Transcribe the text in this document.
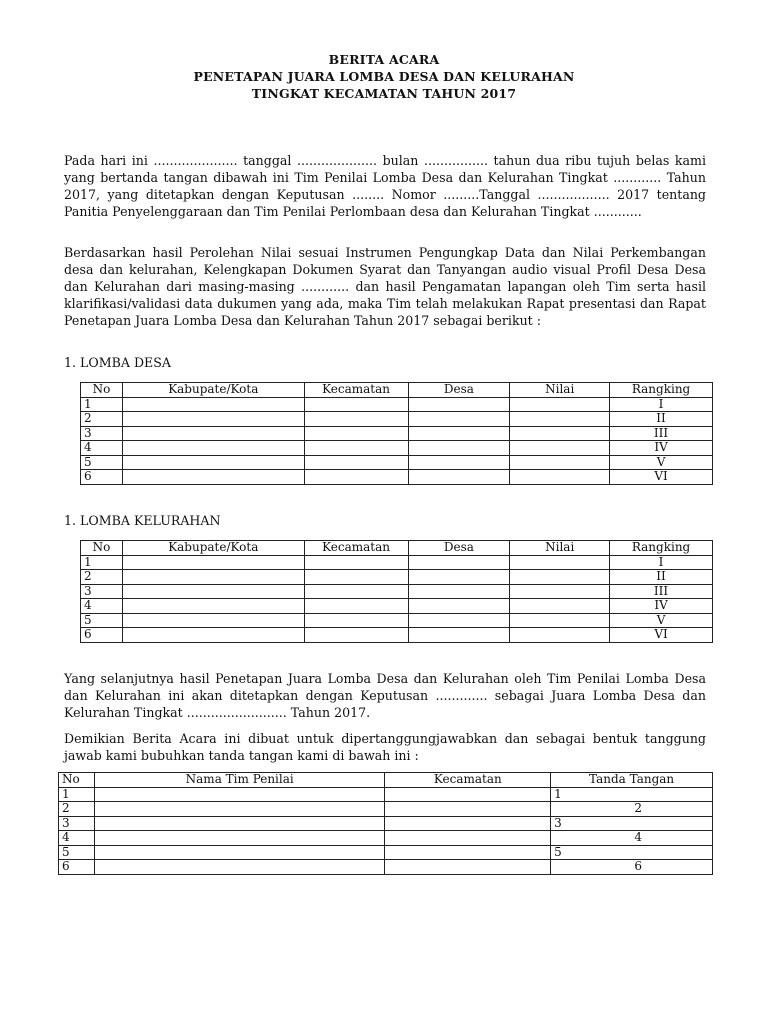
BERITA ACARA
PENETAPAN JUARA LOMBA DESA DAN KELURAHAN
TINGKAT KECAMATAN TAHUN 2017
Pada hari ini ..................... tanggal .................... bulan ................ tahun dua ribu tujuh belas kami yang bertanda tangan dibawah ini Tim Penilai Lomba Desa dan Kelurahan Tingkat ............ Tahun 2017, yang ditetapkan dengan Keputusan ........ Nomor .........Tanggal .................. 2017 tentang Panitia Penyelenggaraan dan Tim Penilai Perlombaan desa dan Kelurahan Tingkat ............
Berdasarkan hasil Perolehan Nilai sesuai Instrumen Pengungkap Data dan Nilai Perkembangan desa dan kelurahan, Kelengkapan Dokumen Syarat dan Tanyangan audio visual Profil Desa Desa dan Kelurahan dari masing-masing ............ dan hasil Pengamatan lapangan oleh Tim serta hasil klarifikasi/validasi data dukumen yang ada, maka Tim telah melakukan Rapat presentasi dan Rapat Penetapan Juara Lomba Desa dan Kelurahan Tahun 2017 sebagai berikut :
1. LOMBA DESA
No	Kabupate/Kota	Kecamatan	Desa	Nilai	Rangking
1					I
2					II
3					III
4					IV
5					V
6					VI
1. LOMBA KELURAHAN
No	Kabupate/Kota	Kecamatan	Desa	Nilai	Rangking
1					I
2					II
3					III
4					IV
5					V
6					VI
Yang selanjutnya hasil Penetapan Juara Lomba Desa dan Kelurahan oleh Tim Penilai Lomba Desa dan Kelurahan ini akan ditetapkan dengan Keputusan ............. sebagai Juara Lomba Desa dan Kelurahan Tingkat ......................... Tahun 2017.
Demikian Berita Acara ini dibuat untuk dipertanggungjawabkan dan sebagai bentuk tanggung jawab kami bubuhkan tanda tangan kami di bawah ini :
No	Nama Tim Penilai	Kecamatan	Tanda Tangan
1			1
2			2
3			3
4			4
5			5
6			6
